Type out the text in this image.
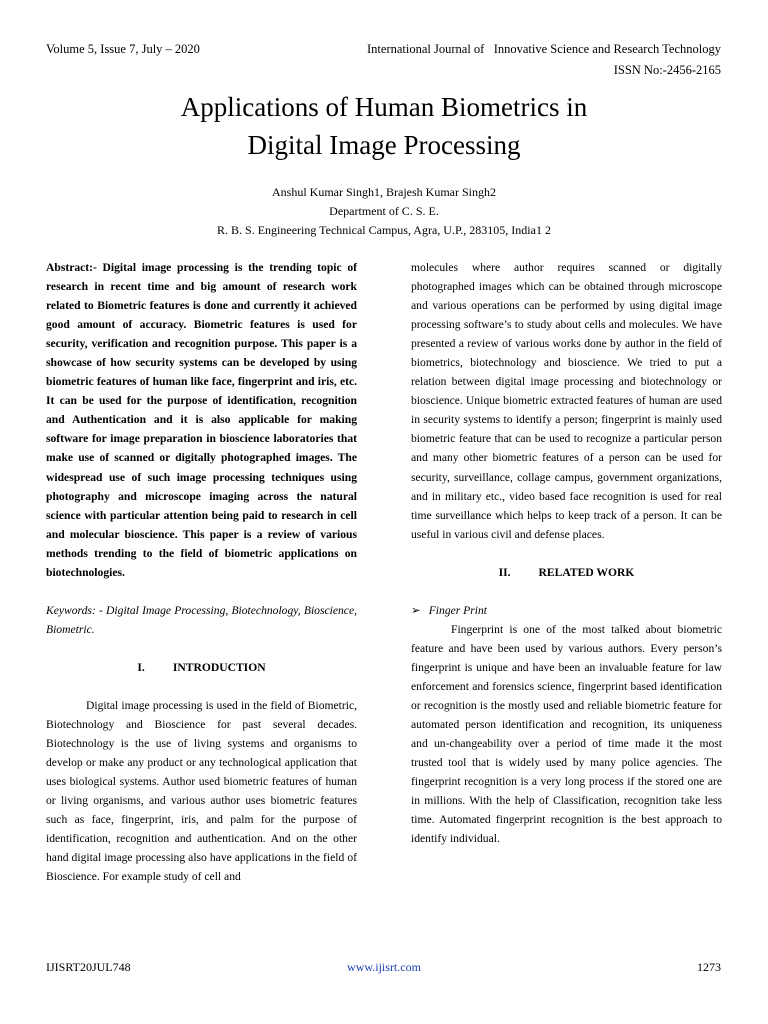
Volume 5, Issue 7, July – 2020	International Journal of   Innovative Science and Research Technology
ISSN No:-2456-2165
Applications of Human Biometrics in
Digital Image Processing
Anshul Kumar Singh1, Brajesh Kumar Singh2
Department of C. S. E.
R. B. S. Engineering Technical Campus, Agra, U.P., 283105, India1 2

Abstract:- Digital image processing is the trending topic of research in recent time and big amount of research work related to Biometric features is done and currently it achieved good amount of accuracy. Biometric features is used for security, verification and recognition purpose. This paper is a showcase of how security systems can be developed by using biometric features of human like face, fingerprint and iris, etc. It can be used for the purpose of identification, recognition and Authentication and it is also applicable for making software for image preparation in bioscience laboratories that make use of scanned or digitally photographed images. The widespread use of such image processing techniques using photography and microscope imaging across the natural science with particular attention being paid to research in cell and molecular bioscience. This paper is a review of various methods trending to the field of biometric applications on biotechnologies.

Keywords: - Digital Image Processing, Biotechnology, Bioscience, Biometric.

I. INTRODUCTION

Digital image processing is used in the field of Biometric, Biotechnology and Bioscience for past several decades. Biotechnology is the use of living systems and organisms to develop or make any product or any technological application that uses biological systems. Author used biometric features of human or living organisms, and various author uses biometric features such as face, fingerprint, iris, and palm for the purpose of identification, recognition and authentication. And on the other hand digital image processing also have applications in the field of Bioscience. For example study of cell and

molecules where author requires scanned or digitally photographed images which can be obtained through microscope and various operations can be performed by using digital image processing software’s to study about cells and molecules. We have presented a review of various works done by author in the field of biometrics, biotechnology and bioscience. We tried to put a relation between digital image processing and biotechnology or bioscience. Unique biometric extracted features of human are used in security systems to identify a person; fingerprint is mainly used biometric feature that can be used to recognize a particular person and many other biometric features of a person can be used for security, surveillance, collage campus, government organizations, and in military etc., video based face recognition is used for real time surveillance which helps to keep track of a person. It can be useful in various civil and defense places.

II. RELATED WORK

➢ Finger Print

Fingerprint is one of the most talked about biometric feature and have been used by various authors. Every person’s fingerprint is unique and have been an invaluable feature for law enforcement and forensics science, fingerprint based identification or recognition is the mostly used and reliable biometric feature for automated person identification and recognition, its uniqueness and un-changeability over a period of time made it the most trusted tool that is widely used by many police agencies. The fingerprint recognition is a very long process if the stored one are in millions. With the help of Classification, recognition take less time. Automated fingerprint recognition is the best approach to identify individual.

IJISRT20JUL748	www.ijisrt.com	1273
